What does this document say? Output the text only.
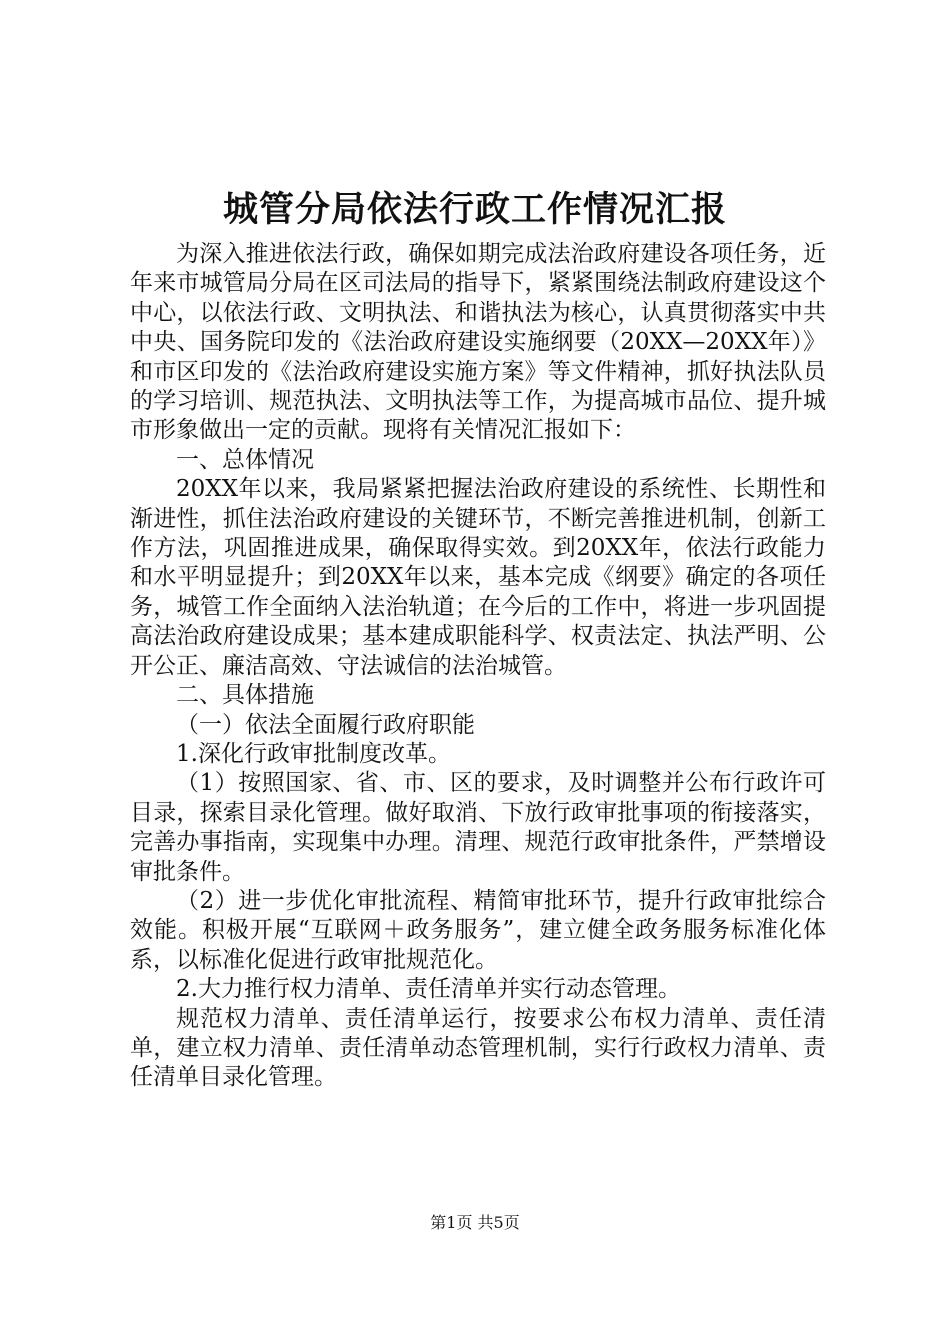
城管分局依法行政工作情况汇报

为深入推进依法行政，确保如期完成法治政府建设各项任务，近年来市城管局分局在区司法局的指导下，紧紧围绕法制政府建设这个中心，以依法行政、文明执法、和谐执法为核心，认真贯彻落实中共中央、国务院印发的《法治政府建设实施纲要（20XX—20XX年）》和市区印发的《法治政府建设实施方案》等文件精神，抓好执法队员的学习培训、规范执法、文明执法等工作，为提高城市品位、提升城市形象做出一定的贡献。现将有关情况汇报如下：

一、总体情况

20XX年以来，我局紧紧把握法治政府建设的系统性、长期性和渐进性，抓住法治政府建设的关键环节，不断完善推进机制，创新工作方法，巩固推进成果，确保取得实效。到20XX年，依法行政能力和水平明显提升；到20XX年以来，基本完成《纲要》确定的各项任务，城管工作全面纳入法治轨道；在今后的工作中，将进一步巩固提高法治政府建设成果；基本建成职能科学、权责法定、执法严明、公开公正、廉洁高效、守法诚信的法治城管。

二、具体措施

（一）依法全面履行政府职能

1.深化行政审批制度改革。

（1）按照国家、省、市、区的要求，及时调整并公布行政许可目录，探索目录化管理。做好取消、下放行政审批事项的衔接落实，完善办事指南，实现集中办理。清理、规范行政审批条件，严禁增设审批条件。

（2）进一步优化审批流程、精简审批环节，提升行政审批综合效能。积极开展“互联网＋政务服务”，建立健全政务服务标准化体系，以标准化促进行政审批规范化。

2.大力推行权力清单、责任清单并实行动态管理。

规范权力清单、责任清单运行，按要求公布权力清单、责任清单，建立权力清单、责任清单动态管理机制，实行行政权力清单、责任清单目录化管理。

第1页 共5页
